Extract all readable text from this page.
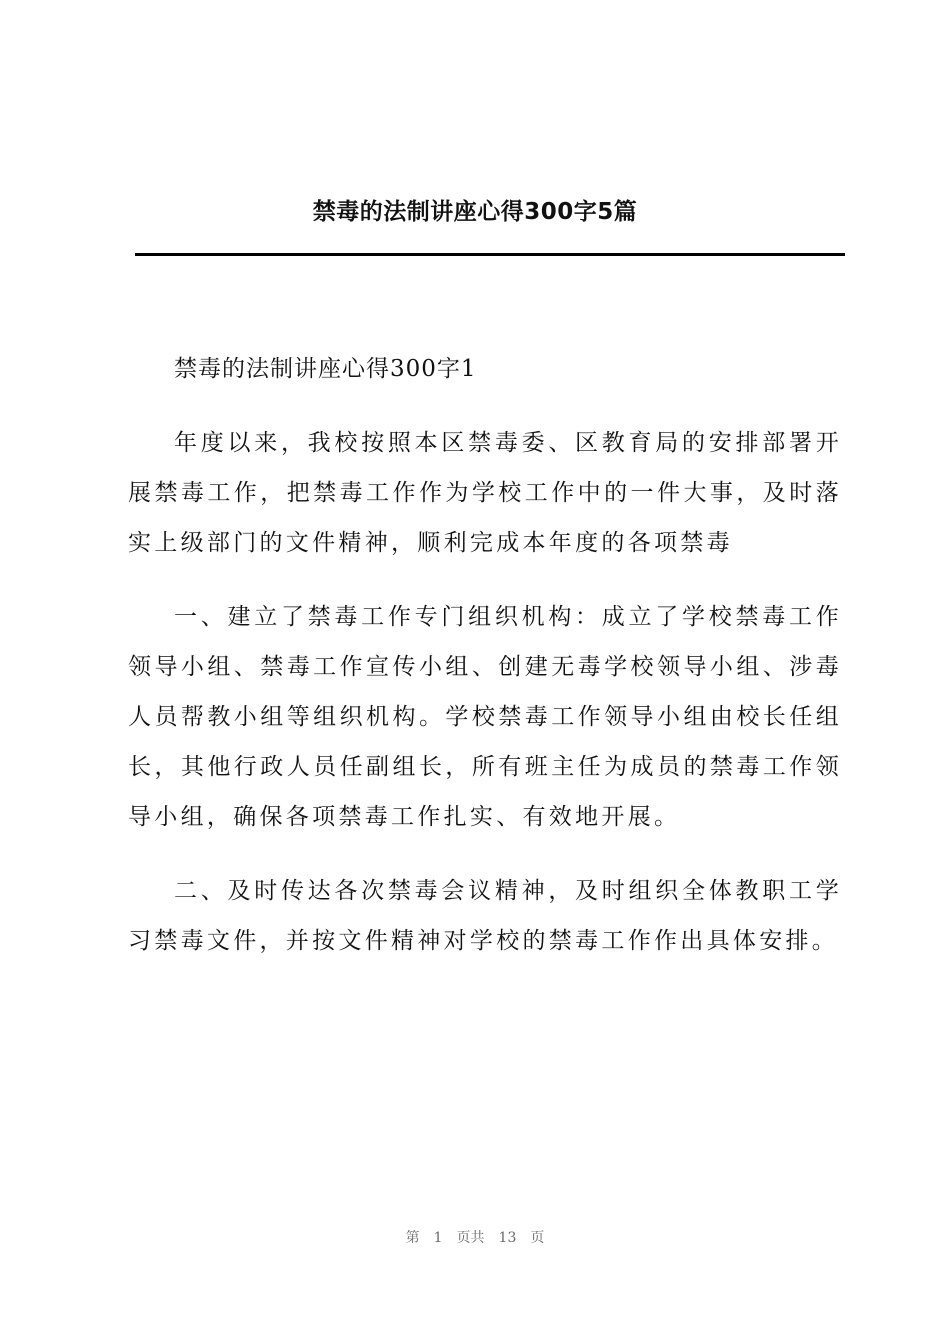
禁毒的法制讲座心得300字5篇

禁毒的法制讲座心得300字1

年度以来，我校按照本区禁毒委、区教育局的安排部署开展禁毒工作，把禁毒工作作为学校工作中的一件大事，及时落实上级部门的文件精神，顺利完成本年度的各项禁毒

一、建立了禁毒工作专门组织机构：成立了学校禁毒工作领导小组、禁毒工作宣传小组、创建无毒学校领导小组、涉毒人员帮教小组等组织机构。学校禁毒工作领导小组由校长任组长，其他行政人员任副组长，所有班主任为成员的禁毒工作领导小组，确保各项禁毒工作扎实、有效地开展。

二、及时传达各次禁毒会议精神，及时组织全体教职工学习禁毒文件，并按文件精神对学校的禁毒工作作出具体安排。

第 1 页共 13 页
